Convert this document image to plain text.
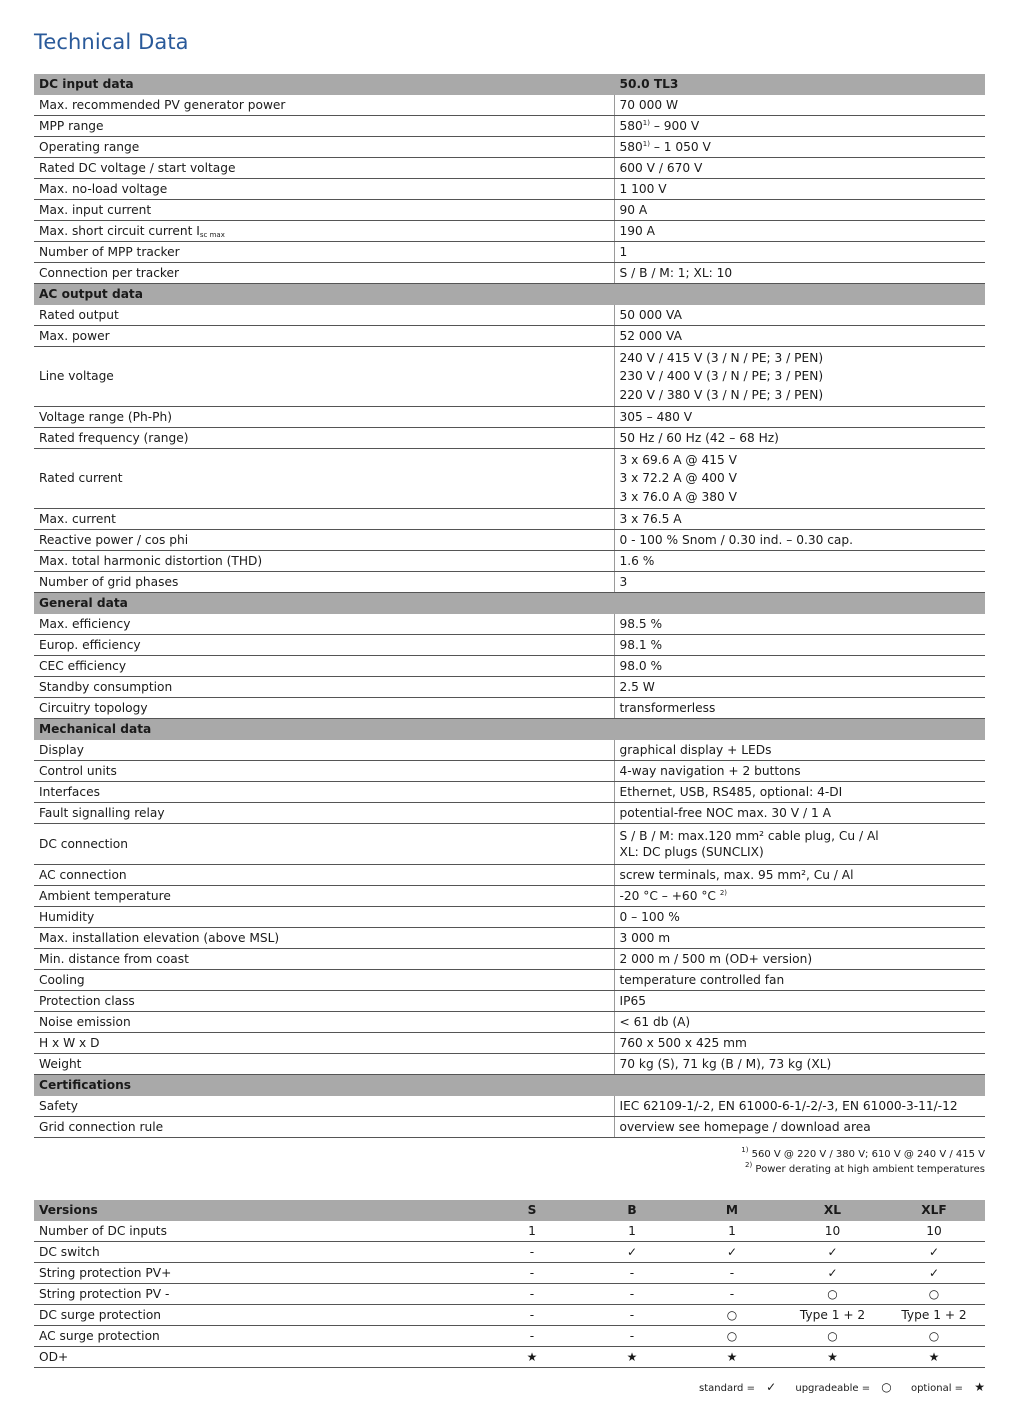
Technical Data
DC input data	50.0 TL3
Max. recommended PV generator power	70 000 W
MPP range	580$^{1)}$ – 900 V
Operating range	580$^{1)}$ – 1 050 V
Rated DC voltage / start voltage	600 V / 670 V
Max. no-load voltage	1 100 V
Max. input current	90 A
Max. short circuit current $I_{sc max}$	190 A
Number of MPP tracker	1
Connection per tracker	S / B / M: 1; XL: 10
AC output data	
Rated output	50 000 VA
Max. power	52 000 VA
Line voltage	240 V / 415 V (3 / N / PE; 3 / PEN)
230 V / 400 V (3 / N / PE; 3 / PEN)
220 V / 380 V (3 / N / PE; 3 / PEN)

Voltage range (Ph-Ph)	305 – 480 V
Rated frequency (range)	50 Hz / 60 Hz (42 – 68 Hz)
Rated current	3 x 69.6 A @ 415 V
3 x 72.2 A @ 400 V
3 x 76.0 A @ 380 V

Max. current	3 x 76.5 A
Reactive power / cos phi	0 - 100 % Snom / 0.30 ind. – 0.30 cap.
Max. total harmonic distortion (THD)	1.6 %
Number of grid phases	3
General data	
Max. efficiency	98.5 %
Europ. efficiency	98.1 %
CEC efficiency	98.0 %
Standby consumption	2.5 W
Circuitry topology	transformerless
Mechanical data	
Display	graphical display + LEDs
Control units	4-way navigation + 2 buttons
Interfaces	Ethernet, USB, RS485, optional: 4-DI
Fault signalling relay	potential-free NOC max. 30 V / 1 A
DC connection	S / B / M: max.120 mm² cable plug, Cu / Al
XL: DC plugs (SUNCLIX)

AC connection	screw terminals, max. 95 mm², Cu / Al
Ambient temperature	-20 °C – +60 °C $^{2)}$
Humidity	0 – 100 %
Max. installation elevation (above MSL)	3 000 m
Min. distance from coast	2 000 m / 500 m (OD+ version)
Cooling	temperature controlled fan
Protection class	IP65
Noise emission	< 61 db (A)
H x W x D	760 x 500 x 425 mm
Weight	70 kg (S), 71 kg (B / M), 73 kg (XL)
Certifications	
Safety	IEC 62109-1/-2, EN 61000-6-1/-2/-3, EN 61000-3-11/-12
Grid connection rule	overview see homepage / download area
$^{1)}$ 560 V @ 220 V / 380 V; 610 V @ 240 V / 415 V
$^{2)}$ Power derating at high ambient temperatures
Versions	S	B	M	XL	XLF
Number of DC inputs	1	1	1	10	10
DC switch	-	✓	✓	✓	✓
String protection PV+	-	-	-	✓	✓
String protection PV -	-	-	-	○	○
DC surge protection	-	-	○	Type 1 + 2	Type 1 + 2
AC surge protection	-	-	○	○	○
OD+	★	★	★	★	★
standard = ✓ upgradeable = ○ optional = ★
